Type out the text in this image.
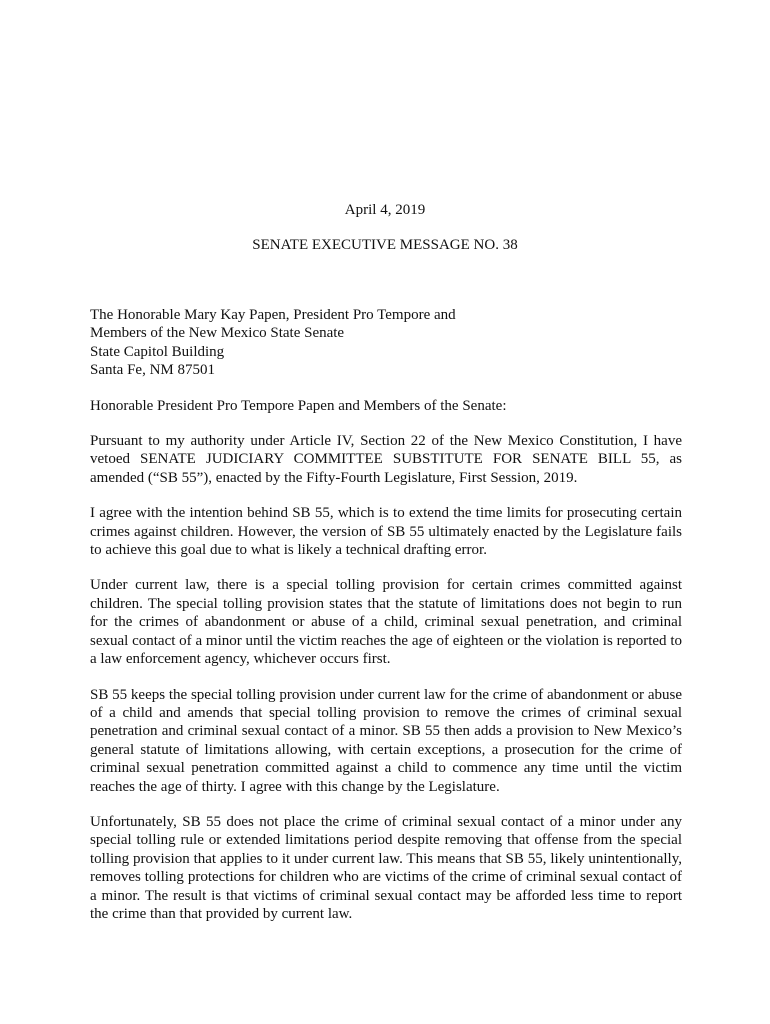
April 4, 2019
SENATE EXECUTIVE MESSAGE NO. 38

The Honorable Mary Kay Papen, President Pro Tempore and

Members of the New Mexico State Senate

State Capitol Building

Santa Fe, NM 87501

Honorable President Pro Tempore Papen and Members of the Senate:

Pursuant to my authority under Article IV, Section 22 of the New Mexico Constitution, I have vetoed SENATE JUDICIARY COMMITTEE SUBSTITUTE FOR SENATE BILL 55, as amended (“SB 55”), enacted by the Fifty-Fourth Legislature, First Session, 2019.

I agree with the intention behind SB 55, which is to extend the time limits for prosecuting certain crimes against children. However, the version of SB 55 ultimately enacted by the Legislature fails to achieve this goal due to what is likely a technical drafting error.

Under current law, there is a special tolling provision for certain crimes committed against children. The special tolling provision states that the statute of limitations does not begin to run for the crimes of abandonment or abuse of a child, criminal sexual penetration, and criminal sexual contact of a minor until the victim reaches the age of eighteen or the violation is reported to a law enforcement agency, whichever occurs first.

SB 55 keeps the special tolling provision under current law for the crime of abandonment or abuse of a child and amends that special tolling provision to remove the crimes of criminal sexual penetration and criminal sexual contact of a minor. SB 55 then adds a provision to New Mexico’s general statute of limitations allowing, with certain exceptions, a prosecution for the crime of criminal sexual penetration committed against a child to commence any time until the victim reaches the age of thirty. I agree with this change by the Legislature.

Unfortunately, SB 55 does not place the crime of criminal sexual contact of a minor under any special tolling rule or extended limitations period despite removing that offense from the special tolling provision that applies to it under current law. This means that SB 55, likely unintentionally, removes tolling protections for children who are victims of the crime of criminal sexual contact of a minor. The result is that victims of criminal sexual contact may be afforded less time to report the crime than that provided by current law.
